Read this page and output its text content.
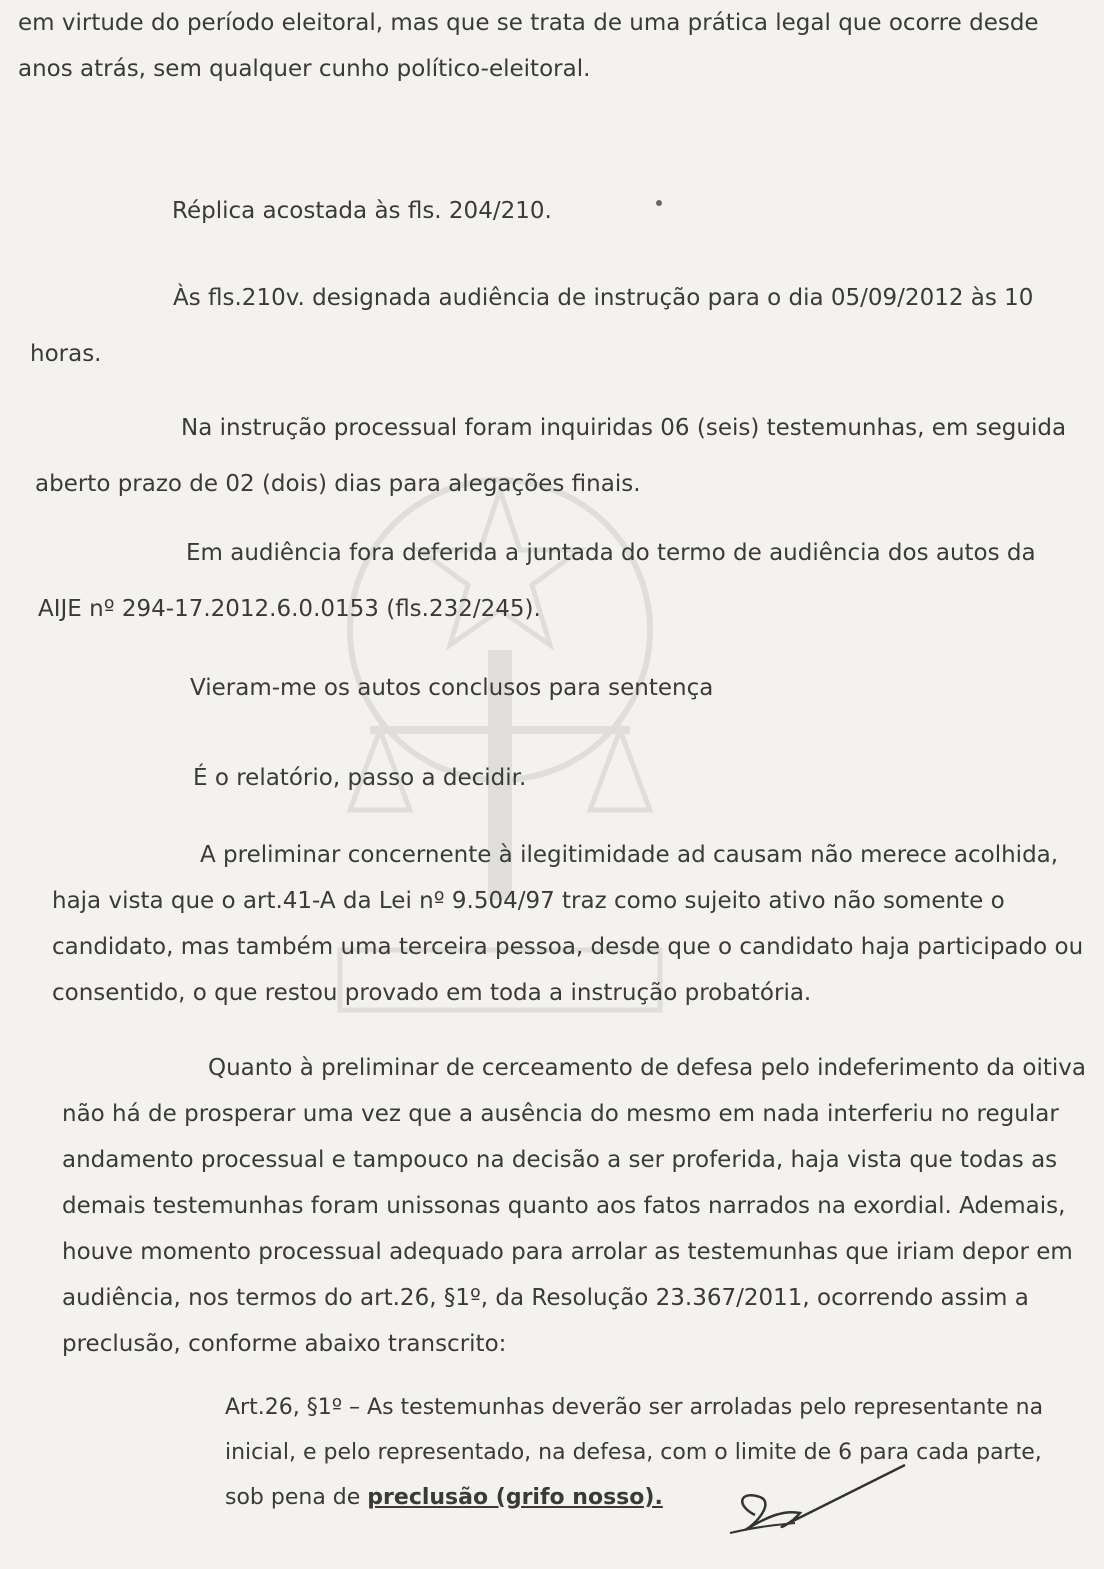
em virtude do período eleitoral, mas que se trata de uma prática legal que ocorre desde
anos atrás, sem qualquer cunho político-eleitoral.
Réplica acostada às fls. 204/210.
Às fls.210v. designada audiência de instrução para o dia 05/09/2012 às 10
horas.
Na instrução processual foram inquiridas 06 (seis) testemunhas, em seguida
aberto prazo de 02 (dois) dias para alegações finais.
Em audiência fora deferida a juntada do termo de audiência dos autos da
AIJE nº 294-17.2012.6.0.0153 (fls.232/245).
Vieram-me os autos conclusos para sentença
É o relatório, passo a decidir.
A preliminar concernente à ilegitimidade ad causam não merece acolhida,
haja vista que o art.41-A da Lei nº 9.504/97 traz como sujeito ativo não somente o
candidato, mas também uma terceira pessoa, desde que o candidato haja participado ou
consentido, o que restou provado em toda a instrução probatória.
Quanto à preliminar de cerceamento de defesa pelo indeferimento da oitiva
não há de prosperar uma vez que a ausência do mesmo em nada interferiu no regular
andamento processual e tampouco na decisão a ser proferida, haja vista que todas as
demais testemunhas foram unissonas quanto aos fatos narrados na exordial. Ademais,
houve momento processual adequado para arrolar as testemunhas que iriam depor em
audiência, nos termos do art.26, §1º, da Resolução 23.367/2011, ocorrendo assim a
preclusão, conforme abaixo transcrito:
Art.26, §1º – As testemunhas deverão ser arroladas pelo representante na
inicial, e pelo representado, na defesa, com o limite de 6 para cada parte,
sob pena de preclusão (grifo nosso).
